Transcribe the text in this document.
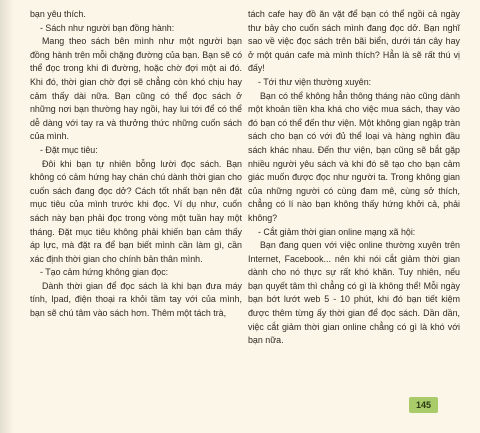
bạn yêu thích.

- Sách như người bạn đồng hành:

Mang theo sách bên mình như một người bạn đồng hành trên mỗi chặng đường của bạn. Bạn sẽ có thể đọc trong khi đi đường, hoặc chờ đợi một ai đó. Khi đó, thời gian chờ đợi sẽ chẳng còn khó chịu hay cảm thấy dài nữa. Bạn cũng có thể đọc sách ở những nơi bạn thường hay ngồi, hay lui tới để có thể dễ dàng với tay ra và thưởng thức những cuốn sách của mình.

- Đặt mục tiêu:

Đôi khi bạn tự nhiên bỗng lười đọc sách. Bạn không có cảm hứng hay chán chú dành thời gian cho cuốn sách đang đọc dở? Cách tốt nhất bạn nên đặt mục tiêu của mình trước khi đọc. Ví dụ như, cuốn sách này bạn phải đọc trong vòng một tuần hay một tháng. Đặt mục tiêu không phải khiến bạn cảm thấy áp lực, mà đặt ra để bạn biết mình cần làm gì, cần xác định thời gian cho chính bản thân mình.

- Tạo cảm hứng không gian đọc:

Dành thời gian để đọc sách là khi bạn đưa máy tính, Ipad, điện thoại ra khỏi tầm tay với của mình, bạn sẽ chú tâm vào sách hơn. Thêm một tách trà,

tách cafe hay đồ ăn vặt để bạn có thể ngồi cả ngày thư bảy cho cuốn sách mình đang đọc dở. Bạn nghĩ sao về việc đọc sách trên bãi biển, dưới tán cây hay ở một quán cafe mà mình thích? Hẳn là sẽ rất thú vị đấy!

- Tới thư viện thường xuyên:

Bạn có thể không hẳn thông tháng nào cũng dành một khoản tiền kha khá cho việc mua sách, thay vào đó bạn có thể đến thư viện. Một không gian ngập tràn sách cho bạn có với đủ thể loại và hàng nghìn đầu sách khác nhau. Đến thư viện, bạn cũng sẽ bắt gặp nhiều người yêu sách và khi đó sẽ tạo cho bạn cảm giác muốn được đọc như người ta. Trong không gian của những người có cùng đam mê, cùng sở thích, chẳng có lí nào bạn không thấy hứng khởi cả, phải không?

- Cắt giảm thời gian online mạng xã hội:

Bạn đang quen với việc online thường xuyên trên Internet, Facebook... nên khi nói cắt giảm thời gian dành cho nó thực sự rất khó khăn. Tuy nhiên, nếu bạn quyết tâm thì chẳng có gì là không thể! Mỗi ngày bạn bớt lướt web 5 - 10 phút, khi đó bạn tiết kiệm được thêm từng ấy thời gian để đọc sách. Dần dần, việc cắt giảm thời gian online chẳng có gì là khó với bạn nữa.

145
